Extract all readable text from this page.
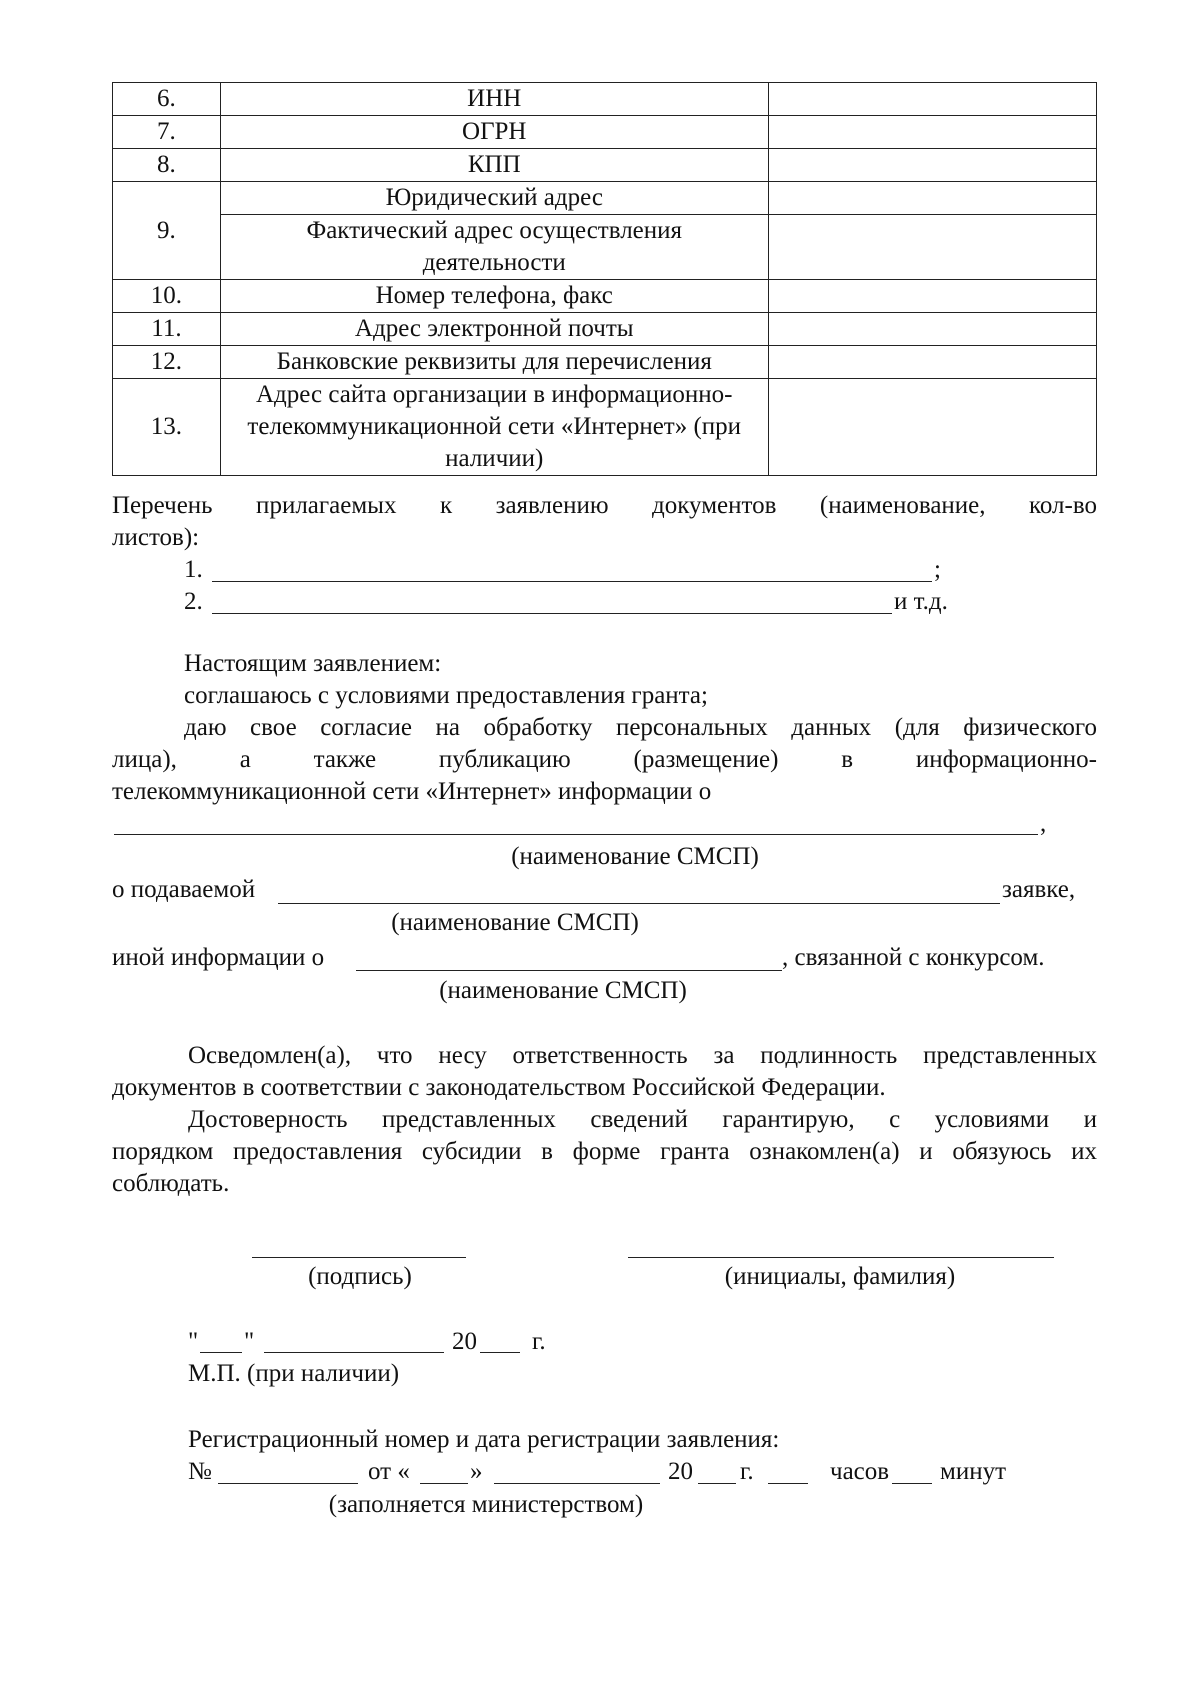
6.	ИНН	
7.	ОГРН	
8.	КПП	
9.	Юридический адрес	
	Фактический адрес осуществления деятельности	
10.	Номер телефона, факс	
11.	Адрес электронной почты	
12.	Банковские реквизиты для перечисления	
13.	Адрес сайта организации в информационно-телекоммуникационной сети «Интернет» (при наличии)	
Перечень прилагаемых к заявлению документов (наименование, кол-во
листов):
1.	;
2.	и т.д.
Настоящим заявлением:
соглашаюсь с условиями предоставления гранта;
даю свое согласие на обработку персональных данных (для физического
лица), а также публикацию (размещение) в информационно-
телекоммуникационной сети «Интернет» информации о
,
(наименование СМСП)
о подаваемой	заявке,
(наименование СМСП)
иной информации о	, связанной с конкурсом.
(наименование СМСП)
Осведомлен(а), что несу ответственность за подлинность представленных
документов в соответствии с законодательством Российской Федерации.
Достоверность представленных сведений гарантирую, с условиями и
порядком предоставления субсидии в форме гранта ознакомлен(а) и обязуюсь их
соблюдать.
(подпись)	(инициалы, фамилия)
" "	20 г.
М.П. (при наличии)
Регистрационный номер и дата регистрации заявления:
№	от « »	20 г.	часов минут
(заполняется министерством)
